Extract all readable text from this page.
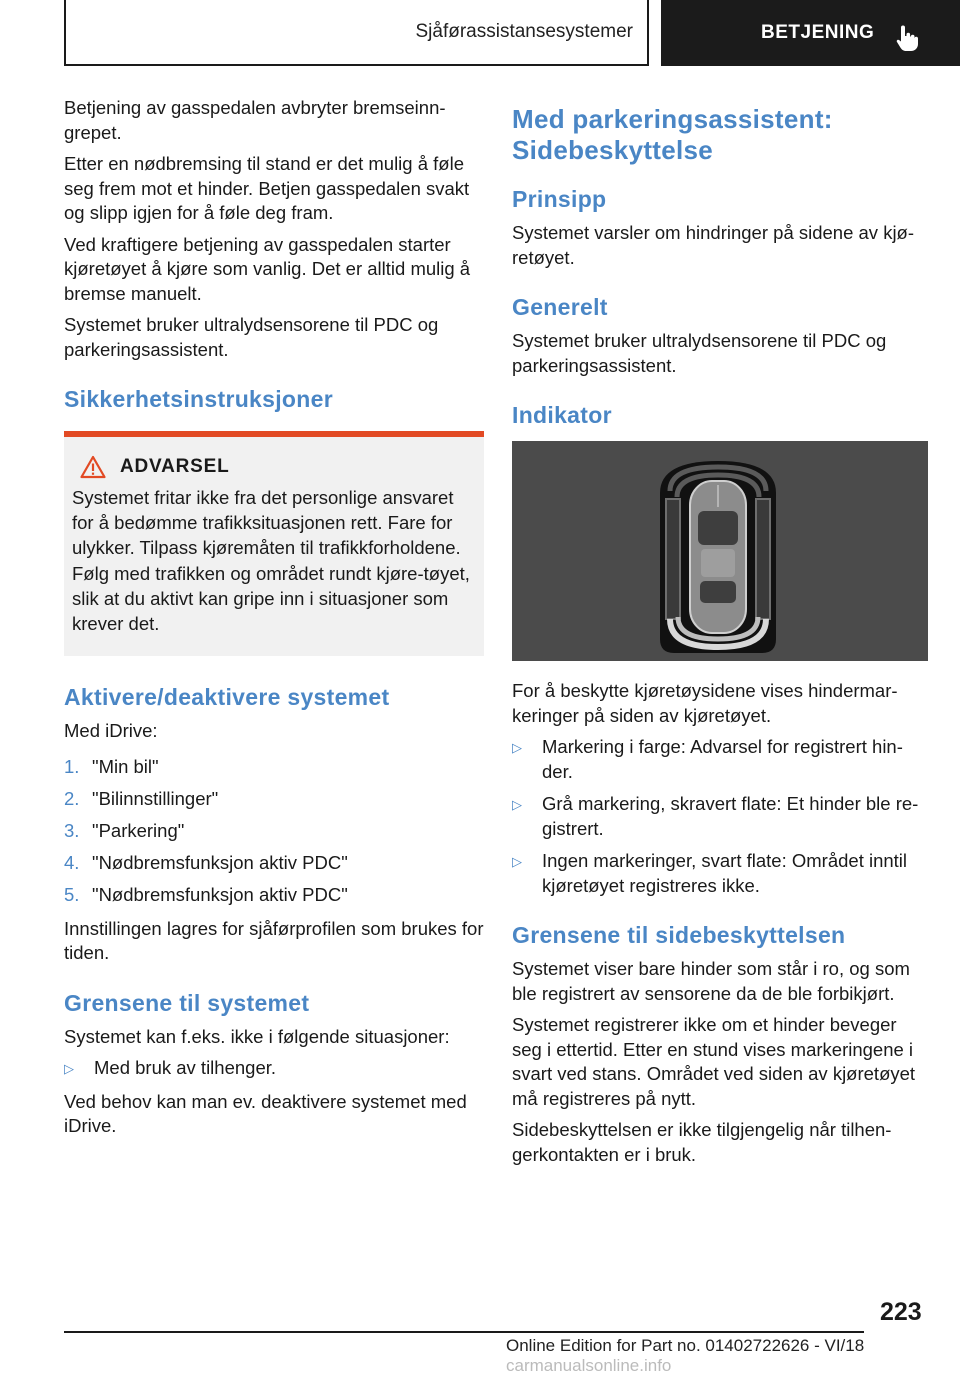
Sjåførassistansesystemer	BETJENING

Betjening av gasspedalen avbryter bremseinn-grepet.

Etter en nødbremsing til stand er det mulig å føle seg frem mot et hinder. Betjen gasspedalen svakt og slipp igjen for å føle deg fram.

Ved kraftigere betjening av gasspedalen starter kjøretøyet å kjøre som vanlig. Det er alltid mulig å bremse manuelt.

Systemet bruker ultralydsensorene til PDC og parkeringsassistent.

Sikkerhetsinstruksjoner
ADVARSEL

Systemet fritar ikke fra det personlige ansvaret for å bedømme trafikksituasjonen rett. Fare for ulykker. Tilpass kjøremåten til trafikkforholdene. Følg med trafikken og området rundt kjøre-tøyet, slik at du aktivt kan gripe inn i situasjoner som krever det.

Aktivere/deaktivere systemet

Med iDrive:

1. "Min bil"
2. "Bilinnstillinger"
3. "Parkering"
4. "Nødbremsfunksjon aktiv PDC"
5. "Nødbremsfunksjon aktiv PDC"

Innstillingen lagres for sjåførprofilen som brukes for tiden.

Grensene til systemet

Systemet kan f.eks. ikke i følgende situasjoner:

▷	Med bruk av tilhenger.

Ved behov kan man ev. deaktivere systemet med iDrive.

Med parkeringsassistent: Sidebeskyttelse
Prinsipp

Systemet varsler om hindringer på sidene av kjø-retøyet.

Generelt

Systemet bruker ultralydsensorene til PDC og parkeringsassistent.

Indikator

For å beskytte kjøretøysidene vises hindermar-keringer på siden av kjøretøyet.

▷	Markering i farge: Advarsel for registrert hin-der.
▷	Grå markering, skravert flate: Et hinder ble re-gistrert.
▷	Ingen markeringer, svart flate: Området inntil kjøretøyet registreres ikke.
Grensene til sidebeskyttelsen

Systemet viser bare hinder som står i ro, og som ble registrert av sensorene da de ble forbikjørt.

Systemet registrerer ikke om et hinder beveger seg i ettertid. Etter en stund vises markeringene i svart ved stans. Området ved siden av kjøretøyet må registreres på nytt.

Sidebeskyttelsen er ikke tilgjengelig når tilhen-gerkontakten er i bruk.

223
Online Edition for Part no. 01402722626 - VI/18 carmanualsonline.info
